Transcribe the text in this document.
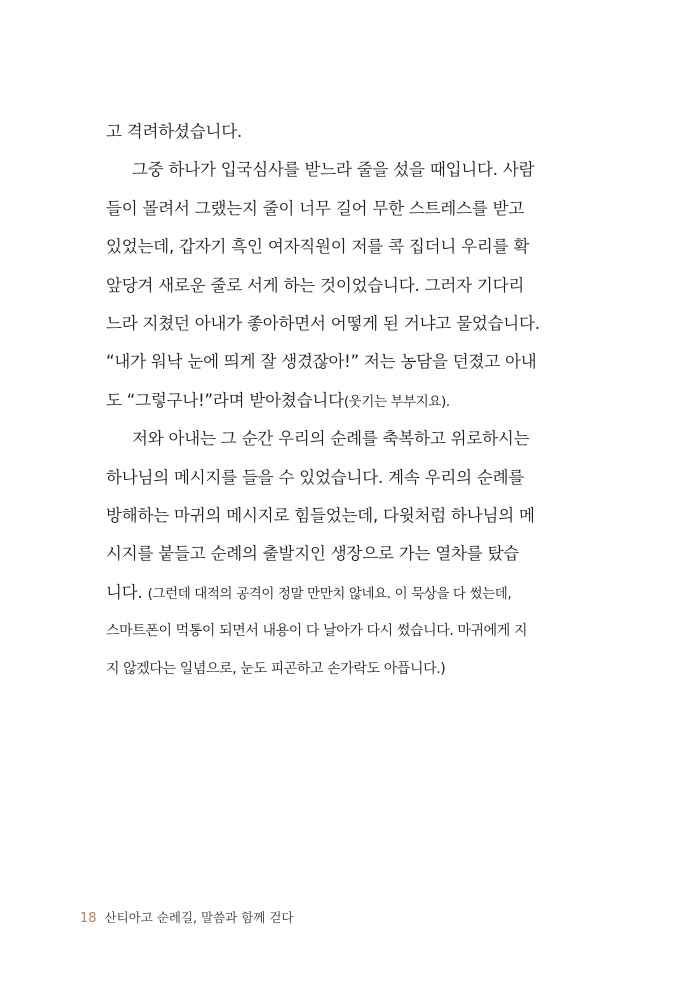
고 격려하셨습니다.
그중 하나가 입국심사를 받느라 줄을 섰을 때입니다. 사람
들이 몰려서 그랬는지 줄이 너무 길어 무한 스트레스를 받고
있었는데, 갑자기 흑인 여자직원이 저를 콕 집더니 우리를 확
앞당겨 새로운 줄로 서게 하는 것이었습니다. 그러자 기다리
느라 지쳤던 아내가 좋아하면서 어떻게 된 거냐고 물었습니다.
“내가 워낙 눈에 띄게 잘 생겼잖아!” 저는 농담을 던졌고 아내
도 “그렇구나!”라며 받아쳤습니다(웃기는 부부지요).
저와 아내는 그 순간 우리의 순례를 축복하고 위로하시는
하나님의 메시지를 들을 수 있었습니다. 계속 우리의 순례를
방해하는 마귀의 메시지로 힘들었는데, 다윗처럼 하나님의 메
시지를 붙들고 순례의 출발지인 생장으로 가는 열차를 탔습
니다. (그런데 대적의 공격이 정말 만만치 않네요. 이 묵상을 다 썼는데,
스마트폰이 먹통이 되면서 내용이 다 날아가 다시 썼습니다. 마귀에게 지
지 않겠다는 일념으로, 눈도 피곤하고 손가락도 아픕니다.)
18 산티아고 순례길, 말씀과 함께 걷다
